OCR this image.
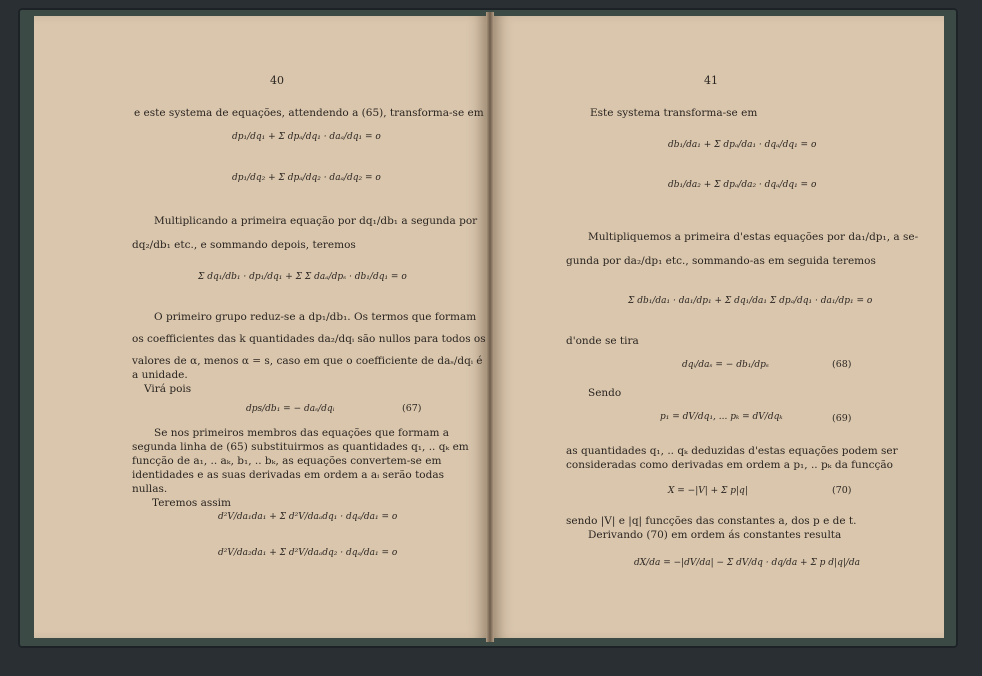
40
e este systema de equações, attendendo a (65), transforma-se em
dp₁/dq₁ + Σ dpₐ/dq₁ · daₐ/dq₁ = o
dp₁/dq₂ + Σ dpₐ/dq₂ · daₐ/dq₂ = o
Multiplicando a primeira equação por dq₁/db₁ a segunda por
dq₂/db₁ etc., e sommando depois, teremos
Σ dq₁/db₁ · dp₁/dq₁ + Σ Σ daₐ/dpₛ · db₁/dq₁ = o
O primeiro grupo reduz-se a dp₁/db₁. Os termos que formam
os coefficientes das k quantidades da₂/dqᵢ são nullos para todos os
valores de α, menos α = s, caso em que o coefficiente de daₛ/dqᵢ é
a unidade.
Virá pois
dps/db₁ = − daₛ/dqᵢ	(67)
Se nos primeiros membros das equações que formam a
segunda linha de (65) substituirmos as quantidades q₁, .. qₖ em
funcção de a₁, .. aₖ, b₁, .. bₖ, as equações convertem-se em
identidades e as suas derivadas em ordem a aᵢ serão todas
nullas.
Teremos assim
d²V/da₁da₁ + Σ d²V/daₐdq₁ · dqₐ/da₁ = o
d²V/da₂da₁ + Σ d²V/daₐdq₂ · dqₐ/da₁ = o
41
Este systema transforma-se em
db₁/da₁ + Σ dpₐ/da₁ · dqₐ/dq₁ = o
db₁/da₂ + Σ dpₐ/da₂ · dqₐ/dq₁ = o
Multipliquemos a primeira d'estas equações por da₁/dp₁, a se-
gunda por da₂/dp₁ etc., sommando-as em seguida teremos
Σ db₁/da₁ · da₁/dp₁ + Σ dq₁/da₁ Σ dpₐ/dq₁ · da₁/dp₁ = o
d'onde se tira
dqᵢ/daₛ = − db₁/dpₛ	(68)
Sendo
p₁ = dV/dq₁, ... pₖ = dV/dqₖ	(69)
as quantidades q₁, .. qₖ deduzidas d'estas equações podem ser
consideradas como derivadas em ordem a p₁, .. pₖ da funcção
X = −|V| + Σ p|q|	(70)
sendo |V| e |q| funcções das constantes a, dos p e de t.
Derivando (70) em ordem ás constantes resulta
dX/da = −|dV/da| − Σ dV/dq · dq/da + Σ p d|q|/da
